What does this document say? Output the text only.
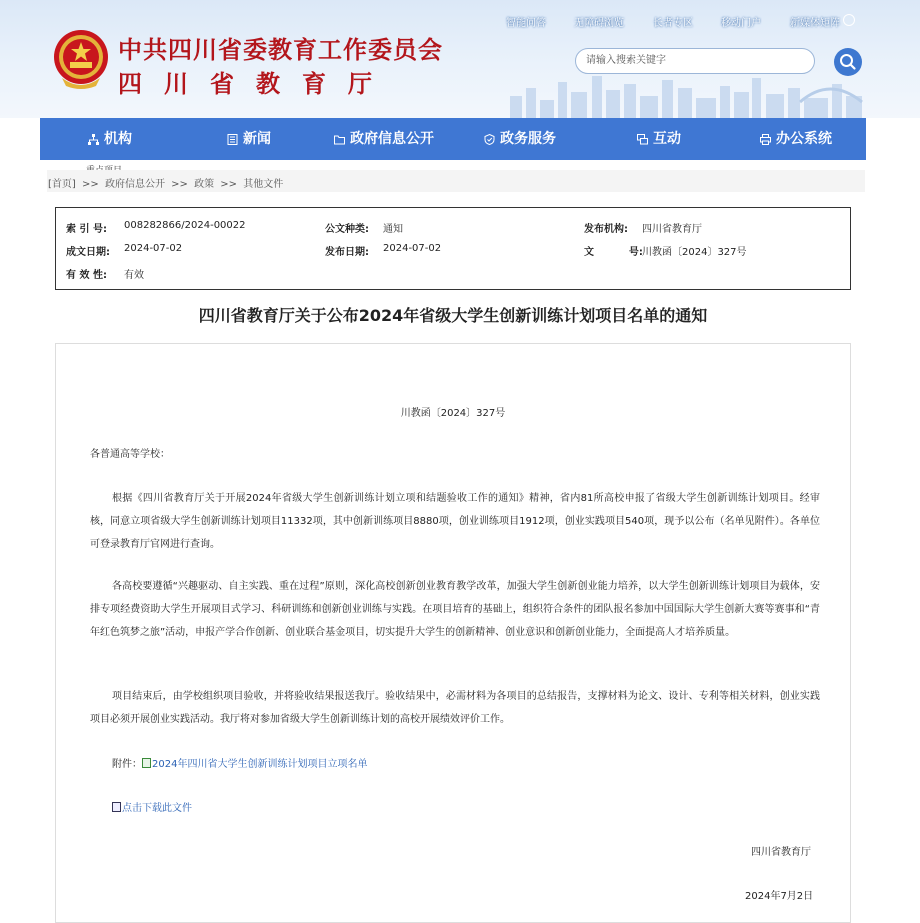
中共四川省委教育工作委员会
四川省教育厅
智能问答	无障碍浏览	长者专区	移动门户	新媒体矩阵
请输入搜索关键字
机构	新闻	政府信息公开	政务服务	互动	办公系统
[首页] >> 政府信息公开 >> 政策 >> 其他文件
索 引 号: 008282866/2024-00022	公文种类: 通知	发布机构: 四川省教育厅
成文日期: 2024-07-02	发布日期: 2024-07-02	文          号: 川教函〔2024〕327号
有 效 性: 有效
四川省教育厅关于公布2024年省级大学生创新训练计划项目名单的通知
川教函〔2024〕327号
各普通高等学校：
根据《四川省教育厅关于开展2024年省级大学生创新训练计划立项和结题验收工作的通知》精神，省内81所高校申报了省级大学生创新训练计划项目。经审核，同意立项省级大学生创新训练计划项目11332项，其中创新训练项目8880项，创业训练项目1912项，创业实践项目540项，现予以公布（名单见附件）。各单位可登录教育厅官网进行查询。
各高校要遵循“兴趣驱动、自主实践、重在过程”原则，深化高校创新创业教育教学改革，加强大学生创新创业能力培养，以大学生创新训练计划项目为载体，安排专项经费资助大学生开展项目式学习、科研训练和创新创业训练与实践。在项目培育的基础上，组织符合条件的团队报名参加中国国际大学生创新大赛等赛事和“青年红色筑梦之旅”活动，申报产学合作创新、创业联合基金项目，切实提升大学生的创新精神、创业意识和创新创业能力，全面提高人才培养质量。
项目结束后，由学校组织项目验收，并将验收结果报送我厅。验收结果中，必需材料为各项目的总结报告，支撑材料为论文、设计、专利等相关材料，创业实践项目必须开展创业实践活动。我厅将对参加省级大学生创新训练计划的高校开展绩效评价工作。
附件： 2024年四川省大学生创新训练计划项目立项名单
点击下载此文件
四川省教育厅
2024年7月2日
